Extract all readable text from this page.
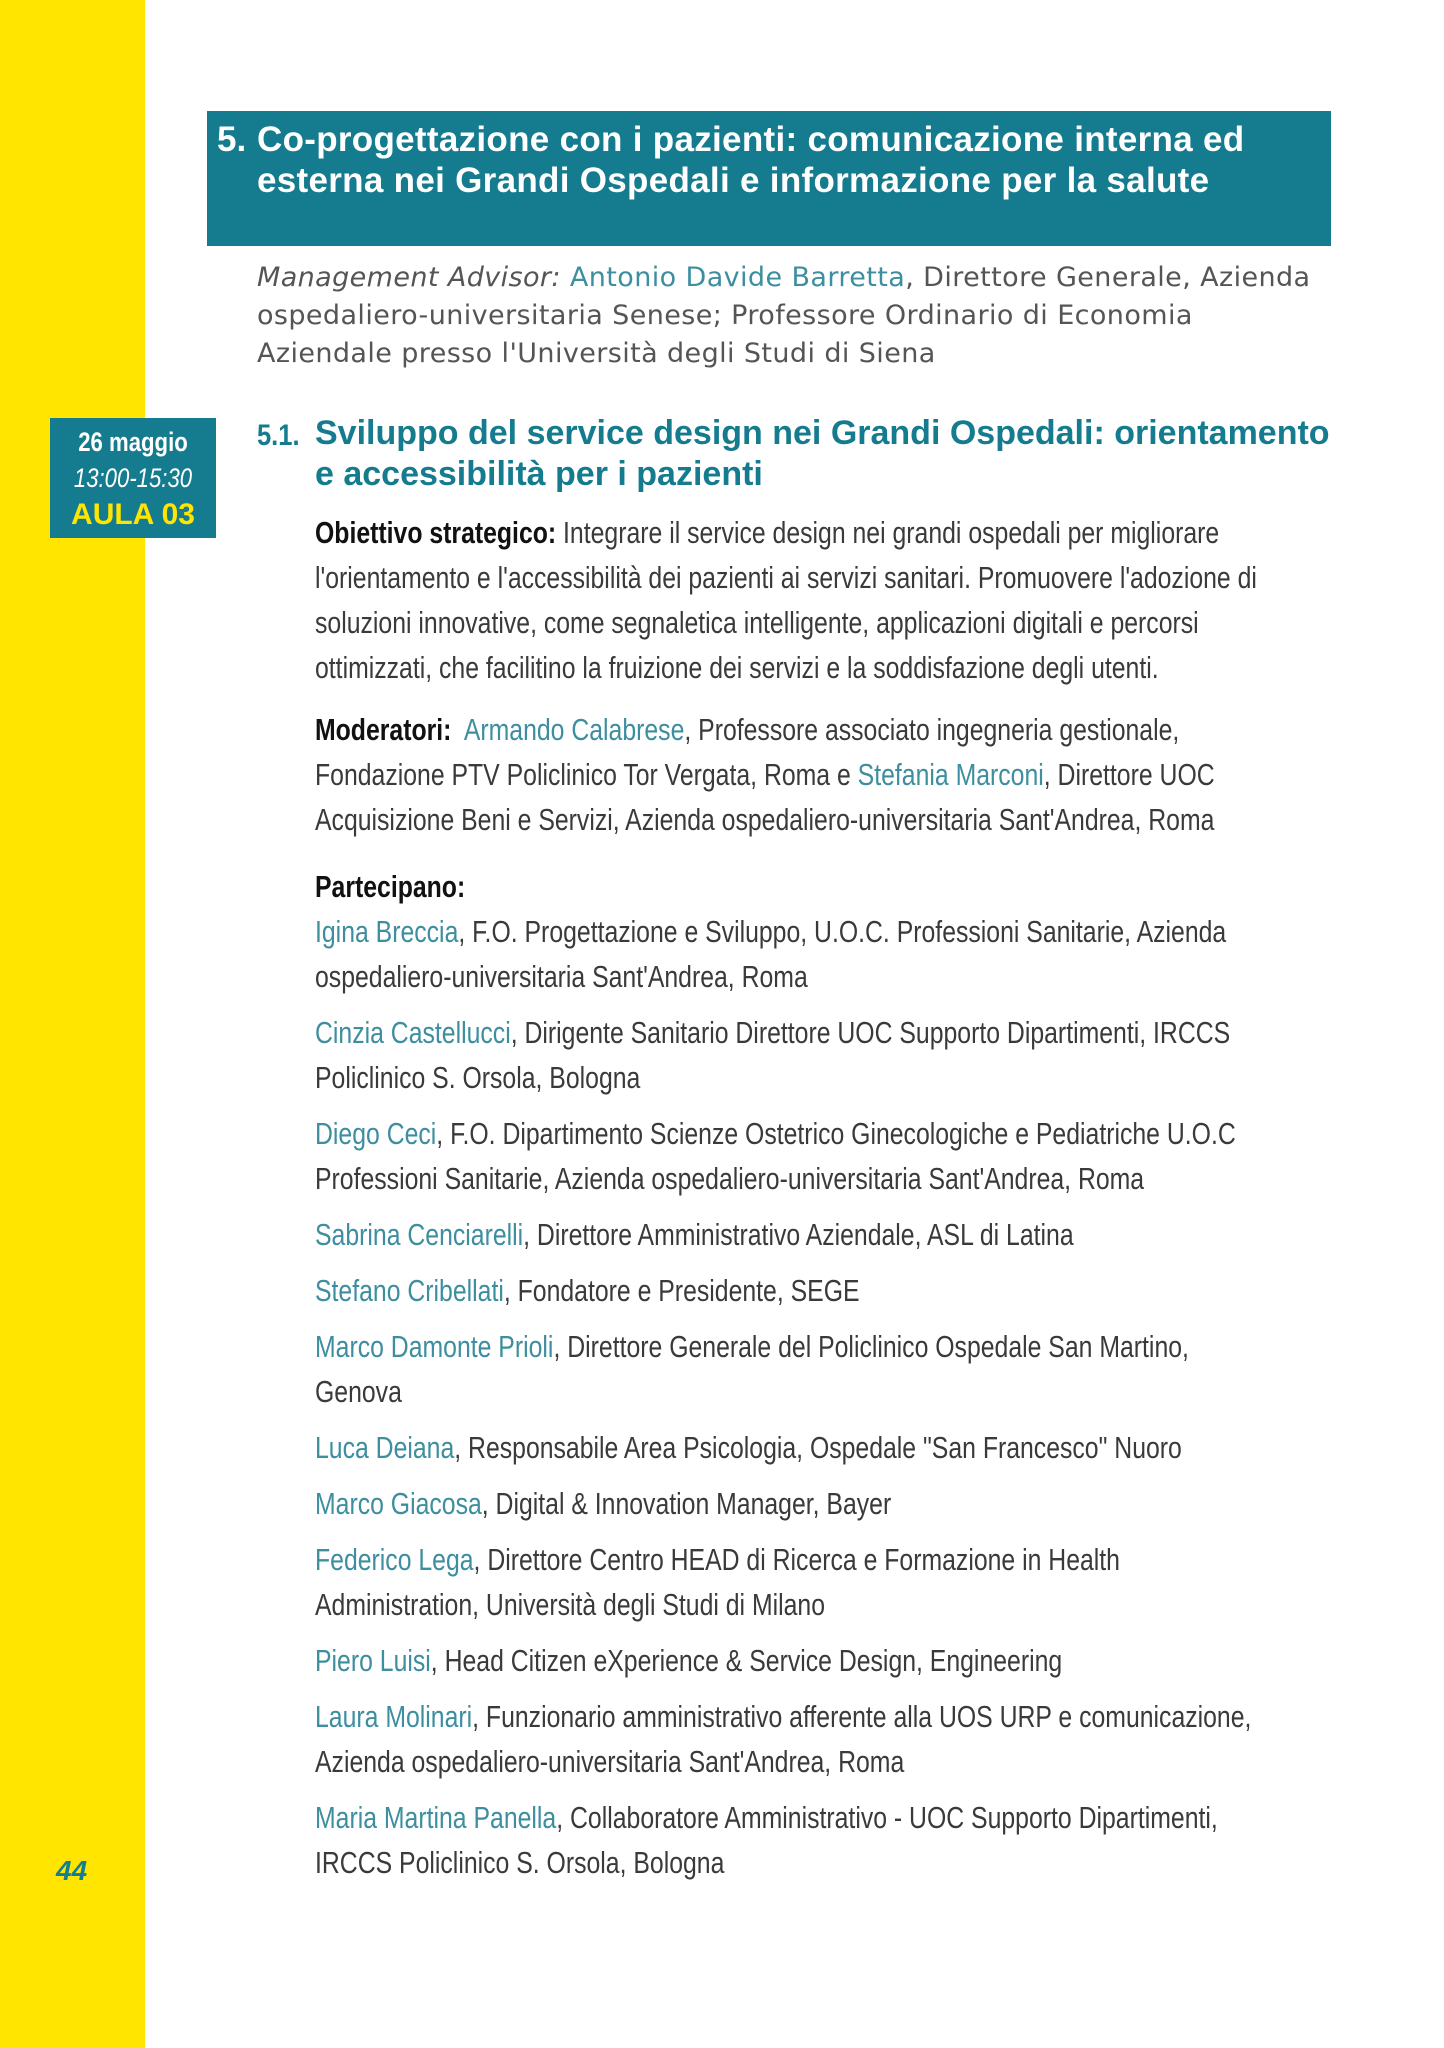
44
5. Co-progettazione con i pazienti: comunicazione interna ed esterna nei Grandi Ospedali e informazione per la salute
Management Advisor: Antonio Davide Barretta, Direttore Generale, Azienda ospedaliero-universitaria Senese; Professore Ordinario di Economia Aziendale presso l'Università degli Studi di Siena
26 maggio
13:00-15:30
AULA 03
5.1. Sviluppo del service design nei Grandi Ospedali: orientamento e accessibilità per i pazienti
Obiettivo strategico: Integrare il service design nei grandi ospedali per migliorare l'orientamento e l'accessibilità dei pazienti ai servizi sanitari. Promuovere l'adozione di soluzioni innovative, come segnaletica intelligente, applicazioni digitali e percorsi ottimizzati, che facilitino la fruizione dei servizi e la soddisfazione degli utenti.
Moderatori: Armando Calabrese, Professore associato ingegneria gestionale, Fondazione PTV Policlinico Tor Vergata, Roma e Stefania Marconi, Direttore UOC Acquisizione Beni e Servizi, Azienda ospedaliero-universitaria Sant'Andrea, Roma
Partecipano:
Igina Breccia, F.O. Progettazione e Sviluppo, U.O.C. Professioni Sanitarie, Azienda ospedaliero-universitaria Sant'Andrea, Roma
Cinzia Castellucci, Dirigente Sanitario Direttore UOC Supporto Dipartimenti, IRCCS Policlinico S. Orsola, Bologna
Diego Ceci, F.O. Dipartimento Scienze Ostetrico Ginecologiche e Pediatriche U.O.C Professioni Sanitarie, Azienda ospedaliero-universitaria Sant'Andrea, Roma
Sabrina Cenciarelli, Direttore Amministrativo Aziendale, ASL di Latina
Stefano Cribellati, Fondatore e Presidente, SEGE
Marco Damonte Prioli, Direttore Generale del Policlinico Ospedale San Martino, Genova
Luca Deiana, Responsabile Area Psicologia, Ospedale "San Francesco" Nuoro
Marco Giacosa, Digital & Innovation Manager, Bayer
Federico Lega, Direttore Centro HEAD di Ricerca e Formazione in Health Administration, Università degli Studi di Milano
Piero Luisi, Head Citizen eXperience & Service Design, Engineering
Laura Molinari, Funzionario amministrativo afferente alla UOS URP e comunicazione, Azienda ospedaliero-universitaria Sant'Andrea, Roma
Maria Martina Panella, Collaboratore Amministrativo - UOC Supporto Dipartimenti, IRCCS Policlinico S. Orsola, Bologna
